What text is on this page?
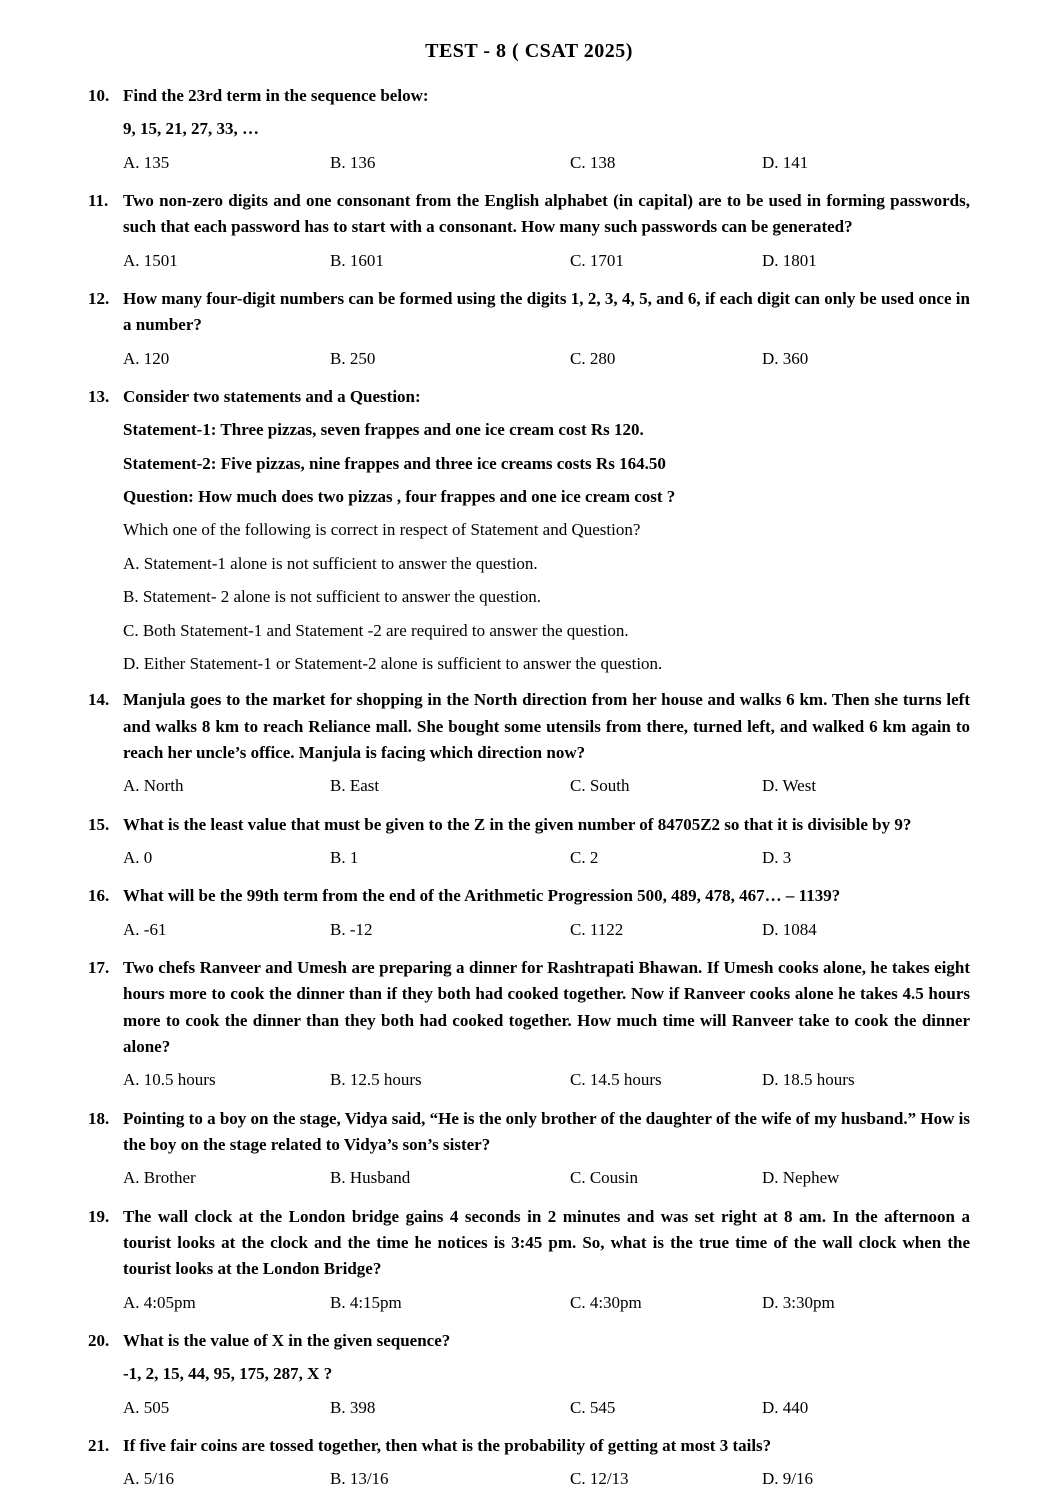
TEST - 8 ( CSAT 2025)
10. Find the 23rd term in the sequence below:
9, 15, 21, 27, 33, …
A. 135	B. 136	C. 138	D. 141
11. Two non-zero digits and one consonant from the English alphabet (in capital) are to be used in forming passwords, such that each password has to start with a consonant. How many such passwords can be generated?
A. 1501	B. 1601	C. 1701	D. 1801
12. How many four-digit numbers can be formed using the digits 1, 2, 3, 4, 5, and 6, if each digit can only be used once in a number?
A. 120	B. 250	C. 280	D. 360
13. Consider two statements and a Question:
Statement-1: Three pizzas, seven frappes and one ice cream cost Rs 120.
Statement-2: Five pizzas, nine frappes and three ice creams costs Rs 164.50
Question: How much does two pizzas , four frappes and one ice cream cost ?
Which one of the following is correct in respect of Statement and Question?
A. Statement-1 alone is not sufficient to answer the question.
B. Statement- 2 alone is not sufficient to answer the question.
C. Both Statement-1 and Statement -2 are required to answer the question.
D. Either Statement-1 or Statement-2 alone is sufficient to answer the question.
14. Manjula goes to the market for shopping in the North direction from her house and walks 6 km. Then she turns left and walks 8 km to reach Reliance mall. She bought some utensils from there, turned left, and walked 6 km again to reach her uncle’s office. Manjula is facing which direction now?
A. North	B. East	C. South	D. West
15. What is the least value that must be given to the Z in the given number of 84705Z2 so that it is divisible by 9?
A. 0	B. 1	C. 2	D. 3
16. What will be the 99th term from the end of the Arithmetic Progression 500, 489, 478, 467… – 1139?
A. -61	B. -12	C. 1122	D. 1084
17. Two chefs Ranveer and Umesh are preparing a dinner for Rashtrapati Bhawan. If Umesh cooks alone, he takes eight hours more to cook the dinner than if they both had cooked together. Now if Ranveer cooks alone he takes 4.5 hours more to cook the dinner than they both had cooked together. How much time will Ranveer take to cook the dinner alone?
A. 10.5 hours	B. 12.5 hours	C. 14.5 hours	D. 18.5 hours
18. Pointing to a boy on the stage, Vidya said, “He is the only brother of the daughter of the wife of my husband.” How is the boy on the stage related to Vidya’s son’s sister?
A. Brother	B. Husband	C. Cousin	D. Nephew
19. The wall clock at the London bridge gains 4 seconds in 2 minutes and was set right at 8 am. In the afternoon a tourist looks at the clock and the time he notices is 3:45 pm. So, what is the true time of the wall clock when the tourist looks at the London Bridge?
A. 4:05pm	B. 4:15pm	C. 4:30pm	D. 3:30pm
20. What is the value of X in the given sequence?
-1, 2, 15, 44, 95, 175, 287, X ?
A. 505	B. 398	C. 545	D. 440
21. If five fair coins are tossed together, then what is the probability of getting at most 3 tails?
A. 5/16	B. 13/16	C. 12/13	D. 9/16
